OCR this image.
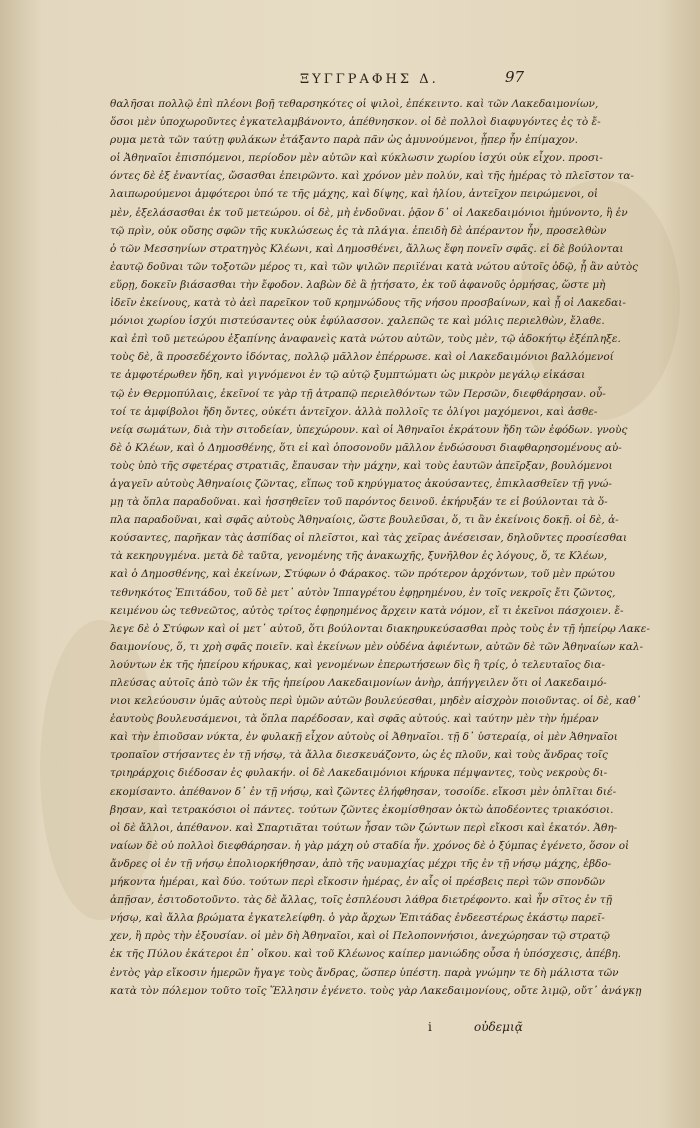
ΞΥΓΓΡΑΦΗΣ Δ.	97
θαλῆσαι πολλῷ ἐπὶ πλέονι βοῇ τεθαρσηκότες οἱ ψιλοὶ, ἐπέκειντο. καὶ τῶν Λακεδαιμονίων,
ὅσοι μὲν ὑποχωροῦντες ἐγκατελαμβάνοντο, ἀπέθνησκον. οἱ δὲ πολλοὶ διαφυγόντες ἐς τὸ ἔ-
ρυμα μετὰ τῶν ταύτῃ φυλάκων ἐτάξαντο παρὰ πᾶν ὡς ἀμυνούμενοι, ᾗπερ ἦν ἐπίμαχον.
οἱ Ἀθηναῖοι ἐπισπόμενοι, περίοδον μὲν αὐτῶν καὶ κύκλωσιν χωρίου ἰσχύι οὐκ εἶχον. προσι-
όντες δὲ ἐξ ἐναντίας, ὤσασθαι ἐπειρῶντο. καὶ χρόνον μὲν πολύν, καὶ τῆς ἡμέρας τὸ πλεῖστον τα-
λαιπωρούμενοι ἀμφότεροι ὑπό τε τῆς μάχης, καὶ δίψης, καὶ ἡλίου, ἀντεῖχον πειρώμενοι, οἱ
μὲν, ἐξελάσασθαι ἐκ τοῦ μετεώρου. οἱ δὲ, μὴ ἐνδοῦναι. ῥᾷον δ᾽ οἱ Λακεδαιμόνιοι ἠμύνοντο, ἢ ἐν
τῷ πρὶν, οὐκ οὔσης σφῶν τῆς κυκλώσεως ἐς τὰ πλάγια. ἐπειδὴ δὲ ἀπέραντον ἦν, προσελθὼν
ὁ τῶν Μεσσηνίων στρατηγὸς Κλέωνι, καὶ Δημοσθένει, ἄλλως ἔφη πονεῖν σφᾶς. εἰ δὲ βούλονται
ἑαυτῷ δοῦναι τῶν τοξοτῶν μέρος τι, καὶ τῶν ψιλῶν περιϊέναι κατὰ νώτου αὐτοῖς ὁδῷ, ᾗ ἂν αὐτὸς
εὕρῃ, δοκεῖν βιάσασθαι τὴν ἔφοδον. λαβὼν δὲ ἃ ᾐτήσατο, ἐκ τοῦ ἀφανοῦς ὁρμήσας, ὥστε μὴ
ἰδεῖν ἐκείνους, κατὰ τὸ ἀεὶ παρεῖκον τοῦ κρημνώδους τῆς νήσου προσβαίνων, καὶ ᾗ οἱ Λακεδαι-
μόνιοι χωρίου ἰσχύι πιστεύσαντες οὐκ ἐφύλασσον. χαλεπῶς τε καὶ μόλις περιελθὼν, ἔλαθε.
καὶ ἐπὶ τοῦ μετεώρου ἐξαπίνης ἀναφανεὶς κατὰ νώτου αὐτῶν, τοὺς μὲν, τῷ ἀδοκήτῳ ἐξέπληξε.
τοὺς δὲ, ἃ προσεδέχοντο ἰδόντας, πολλῷ μᾶλλον ἐπέρρωσε. καὶ οἱ Λακεδαιμόνιοι βαλλόμενοί
τε ἀμφοτέρωθεν ἤδη, καὶ γιγνόμενοι ἐν τῷ αὐτῷ ξυμπτώματι ὡς μικρὸν μεγάλῳ εἰκάσαι
τῷ ἐν Θερμοπύλαις, ἐκεῖνοί τε γὰρ τῇ ἀτραπῷ περιελθόντων τῶν Περσῶν, διεφθάρησαν. οὗ-
τοί τε ἀμφίβολοι ἤδη ὄντες, οὐκέτι ἀντεῖχον. ἀλλὰ πολλοῖς τε ὀλίγοι μαχόμενοι, καὶ ἀσθε-
νείᾳ σωμάτων, διὰ τὴν σιτοδείαν, ὑπεχώρουν. καὶ οἱ Ἀθηναῖοι ἐκράτουν ἤδη τῶν ἐφόδων. γνοὺς
δὲ ὁ Κλέων, καὶ ὁ Δημοσθένης, ὅτι εἰ καὶ ὁποσονοῦν μᾶλλον ἐνδώσουσι διαφθαρησομένους αὐ-
τοὺς ὑπὸ τῆς σφετέρας στρατιᾶς, ἔπαυσαν τὴν μάχην, καὶ τοὺς ἑαυτῶν ἀπεῖρξαν, βουλόμενοι
ἀγαγεῖν αὐτοὺς Ἀθηναίοις ζῶντας, εἴπως τοῦ κηρύγματος ἀκούσαντες, ἐπικλασθεῖεν τῇ γνώ-
μῃ τὰ ὅπλα παραδοῦναι. καὶ ἡσσηθεῖεν τοῦ παρόντος δεινοῦ. ἐκήρυξάν τε εἰ βούλονται τὰ ὅ-
πλα παραδοῦναι, καὶ σφᾶς αὐτοὺς Ἀθηναίοις, ὥστε βουλεῦσαι, ὅ, τι ἂν ἐκείνοις δοκῇ. οἱ δὲ, ἀ-
κούσαντες, παρῆκαν τὰς ἀσπίδας οἱ πλεῖστοι, καὶ τὰς χεῖρας ἀνέσεισαν, δηλοῦντες προσίεσθαι
τὰ κεκηρυγμένα. μετὰ δὲ ταῦτα, γενομένης τῆς ἀνακωχῆς, ξυνῆλθον ἐς λόγους, ὅ, τε Κλέων,
καὶ ὁ Δημοσθένης, καὶ ἐκείνων, Στύφων ὁ Φάρακος. τῶν πρότερον ἀρχόντων, τοῦ μὲν πρώτου
τεθνηκότος Ἐπιτάδου, τοῦ δὲ μετ᾽ αὐτὸν Ἱππαγρέτου ἐφῃρημένου, ἐν τοῖς νεκροῖς ἔτι ζῶντος,
κειμένου ὡς τεθνεῶτος, αὐτὸς τρίτος ἐφῃρημένος ἄρχειν κατὰ νόμον, εἴ τι ἐκεῖνοι πάσχοιεν. ἔ-
λεγε δὲ ὁ Στύφων καὶ οἱ μετ᾽ αὐτοῦ, ὅτι βούλονται διακηρυκεύσασθαι πρὸς τοὺς ἐν τῇ ἠπείρῳ Λακε-
δαιμονίους, ὅ, τι χρὴ σφᾶς ποιεῖν. καὶ ἐκείνων μὲν οὐδένα ἀφιέντων, αὐτῶν δὲ τῶν Ἀθηναίων καλ-
λούντων ἐκ τῆς ἠπείρου κήρυκας, καὶ γενομένων ἐπερωτήσεων δὶς ἢ τρίς, ὁ τελευταῖος δια-
πλεύσας αὐτοῖς ἀπὸ τῶν ἐκ τῆς ἠπείρου Λακεδαιμονίων ἀνὴρ, ἀπήγγειλεν ὅτι οἱ Λακεδαιμό-
νιοι κελεύουσιν ὑμᾶς αὐτοὺς περὶ ὑμῶν αὐτῶν βουλεύεσθαι, μηδὲν αἰσχρὸν ποιοῦντας. οἱ δὲ, καθ᾽
ἑαυτοὺς βουλευσάμενοι, τὰ ὅπλα παρέδοσαν, καὶ σφᾶς αὐτούς. καὶ ταύτην μὲν τὴν ἡμέραν
καὶ τὴν ἐπιοῦσαν νύκτα, ἐν φυλακῇ εἶχον αὐτοὺς οἱ Ἀθηναῖοι. τῇ δ᾽ ὑστεραίᾳ, οἱ μὲν Ἀθηναῖοι
τροπαῖον στήσαντες ἐν τῇ νήσῳ, τὰ ἄλλα διεσκευάζοντο, ὡς ἐς πλοῦν, καὶ τοὺς ἄνδρας τοῖς
τριηράρχοις διέδοσαν ἐς φυλακήν. οἱ δὲ Λακεδαιμόνιοι κήρυκα πέμψαντες, τοὺς νεκροὺς δι-
εκομίσαντο. ἀπέθανον δ᾽ ἐν τῇ νήσῳ, καὶ ζῶντες ἐλήφθησαν, τοσοίδε. εἴκοσι μὲν ὁπλῖται διέ-
βησαν, καὶ τετρακόσιοι οἱ πάντες. τούτων ζῶντες ἐκομίσθησαν ὀκτὼ ἀποδέοντες τριακόσιοι.
οἱ δὲ ἄλλοι, ἀπέθανον. καὶ Σπαρτιᾶται τούτων ἦσαν τῶν ζώντων περὶ εἴκοσι καὶ ἑκατόν. Ἀθη-
ναίων δὲ οὐ πολλοὶ διεφθάρησαν. ἡ γὰρ μάχη οὐ σταδία ἦν. χρόνος δὲ ὁ ξύμπας ἐγένετο, ὅσον οἱ
ἄνδρες οἱ ἐν τῇ νήσῳ ἐπολιορκήθησαν, ἀπὸ τῆς ναυμαχίας μέχρι τῆς ἐν τῇ νήσῳ μάχης, ἑβδο-
μήκοντα ἡμέραι, καὶ δύο. τούτων περὶ εἴκοσιν ἡμέρας, ἐν αἷς οἱ πρέσβεις περὶ τῶν σπονδῶν
ἀπῇσαν, ἐσιτοδοτοῦντο. τὰς δὲ ἄλλας, τοῖς ἐσπλέουσι λάθρα διετρέφοντο. καὶ ἦν σῖτος ἐν τῇ
νήσῳ, καὶ ἄλλα βρώματα ἐγκατελείφθη. ὁ γὰρ ἄρχων Ἐπιτάδας ἐνδεεστέρως ἑκάστῳ παρεῖ-
χεν, ἢ πρὸς τὴν ἐξουσίαν. οἱ μὲν δὴ Ἀθηναῖοι, καὶ οἱ Πελοποννήσιοι, ἀνεχώρησαν τῷ στρατῷ
ἐκ τῆς Πύλου ἑκάτεροι ἐπ᾽ οἴκου. καὶ τοῦ Κλέωνος καίπερ μανιώδης οὖσα ἡ ὑπόσχεσις, ἀπέβη.
ἐντὸς γὰρ εἴκοσιν ἡμερῶν ἤγαγε τοὺς ἄνδρας, ὥσπερ ὑπέστη. παρὰ γνώμην τε δὴ μάλιστα τῶν
κατὰ τὸν πόλεμον τοῦτο τοῖς Ἕλλησιν ἐγένετο. τοὺς γὰρ Λακεδαιμονίους, οὔτε λιμῷ, οὔτ᾽ ἀνάγκῃ
i	οὐδεμιᾷ
